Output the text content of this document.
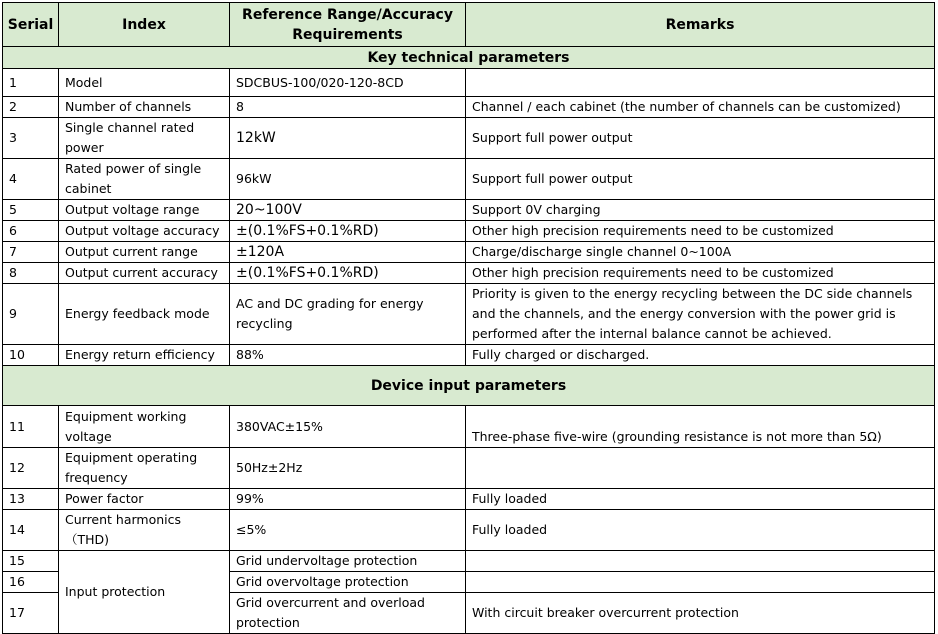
Serial	Index	Reference Range/Accuracy Requirements	Remarks
Key technical parameters			
1	Model	SDCBUS-100/020-120-8CD	
2	Number of channels	8	Channel / each cabinet (the number of channels can be customized)
3	Single channel rated power	12kW	Support full power output
4	Rated power of single cabinet	96kW	Support full power output
5	Output voltage range	20~100V	Support 0V charging
6	Output voltage accuracy	±(0.1%FS+0.1%RD)	Other high precision requirements need to be customized
7	Output current range	±120A	Charge/discharge single channel 0~100A
8	Output current accuracy	±(0.1%FS+0.1%RD)	Other high precision requirements need to be customized
9	Energy feedback mode	AC and DC grading for energy recycling	Priority is given to the energy recycling between the DC side channels and the channels, and the energy conversion with the power grid is performed after the internal balance cannot be achieved.
10	Energy return efficiency	88%	Fully charged or discharged.
Device input parameters			
11	Equipment working voltage	380VAC±15%	Three-phase five-wire (grounding resistance is not more than 5Ω)
12	Equipment operating frequency	50Hz±2Hz	
13	Power factor	99%	Fully loaded
14	Current harmonics （THD)	≤5%	Fully loaded
15	Input protection	Grid undervoltage protection	
16		Grid overvoltage protection	
17		Grid overcurrent and overload protection	With circuit breaker overcurrent protection
